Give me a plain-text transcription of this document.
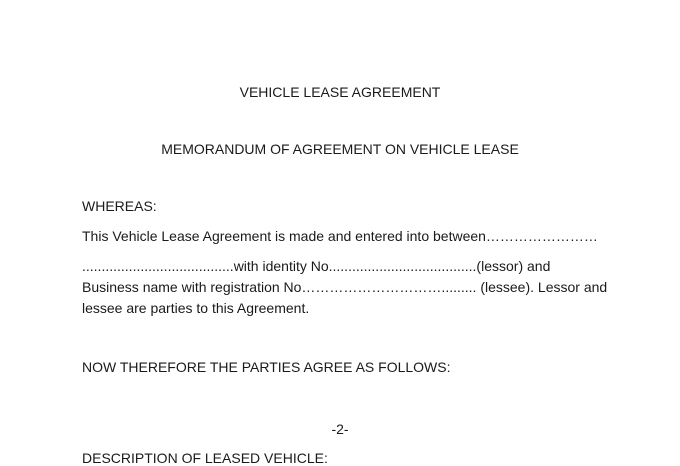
VEHICLE LEASE AGREEMENT
MEMORANDUM OF AGREEMENT ON VEHICLE LEASE
WHEREAS:
This Vehicle Lease Agreement is made and entered into between……………………
.......................................with identity No......................................(lessor) and
Business name with registration No…………………………......... (lessee). Lessor and
lessee are parties to this Agreement.
NOW THEREFORE THE PARTIES AGREE AS FOLLOWS:
-2-
DESCRIPTION OF LEASED VEHICLE:
